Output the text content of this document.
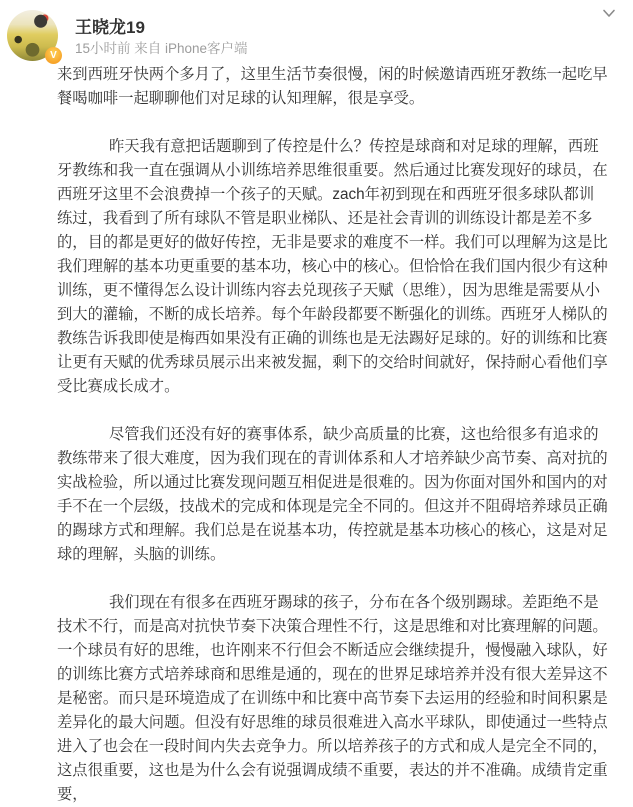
V
王晓龙19
15小时前 来自 iPhone客户端

来到西班牙快两个多月了，这里生活节奏很慢，闲的时候邀请西班牙教练一起吃早餐喝咖啡一起聊聊他们对足球的认知理解，很是享受。

昨天我有意把话题聊到了传控是什么？传控是球商和对足球的理解，西班牙教练和我一直在强调从小训练培养思维很重要。然后通过比赛发现好的球员，在西班牙这里不会浪费掉一个孩子的天赋。zach年初到现在和西班牙很多球队都训练过，我看到了所有球队不管是职业梯队、还是社会青训的训练设计都是差不多的，目的都是更好的做好传控，无非是要求的难度不一样。我们可以理解为这是比我们理解的基本功更重要的基本功，核心中的核心。但恰恰在我们国内很少有这种训练，更不懂得怎么设计训练内容去兑现孩子天赋（思维），因为思维是需要从小到大的灌输，不断的成长培养。每个年龄段都要不断强化的训练。西班牙人梯队的教练告诉我即使是梅西如果没有正确的训练也是无法踢好足球的。好的训练和比赛让更有天赋的优秀球员展示出来被发掘，剩下的交给时间就好，保持耐心看他们享受比赛成长成才。

尽管我们还没有好的赛事体系，缺少高质量的比赛，这也给很多有追求的教练带来了很大难度，因为我们现在的青训体系和人才培养缺少高节奏、高对抗的实战检验，所以通过比赛发现问题互相促进是很难的。因为你面对国外和国内的对手不在一个层级，技战术的完成和体现是完全不同的。但这并不阻碍培养球员正确的踢球方式和理解。我们总是在说基本功，传控就是基本功核心的核心，这是对足球的理解，头脑的训练。

我们现在有很多在西班牙踢球的孩子，分布在各个级别踢球。差距绝不是技术不行，而是高对抗快节奏下决策合理性不行，这是思维和对比赛理解的问题。一个球员有好的思维，也许刚来不行但会不断适应会继续提升，慢慢融入球队，好的训练比赛方式培养球商和思维是通的，现在的世界足球培养并没有很大差异这不是秘密。而只是环境造成了在训练中和比赛中高节奏下去运用的经验和时间积累是差异化的最大问题。但没有好思维的球员很难进入高水平球队，即使通过一些特点进入了也会在一段时间内失去竞争力。所以培养孩子的方式和成人是完全不同的，这点很重要，这也是为什么会有说强调成绩不重要，表达的并不准确。成绩肯定重要，
